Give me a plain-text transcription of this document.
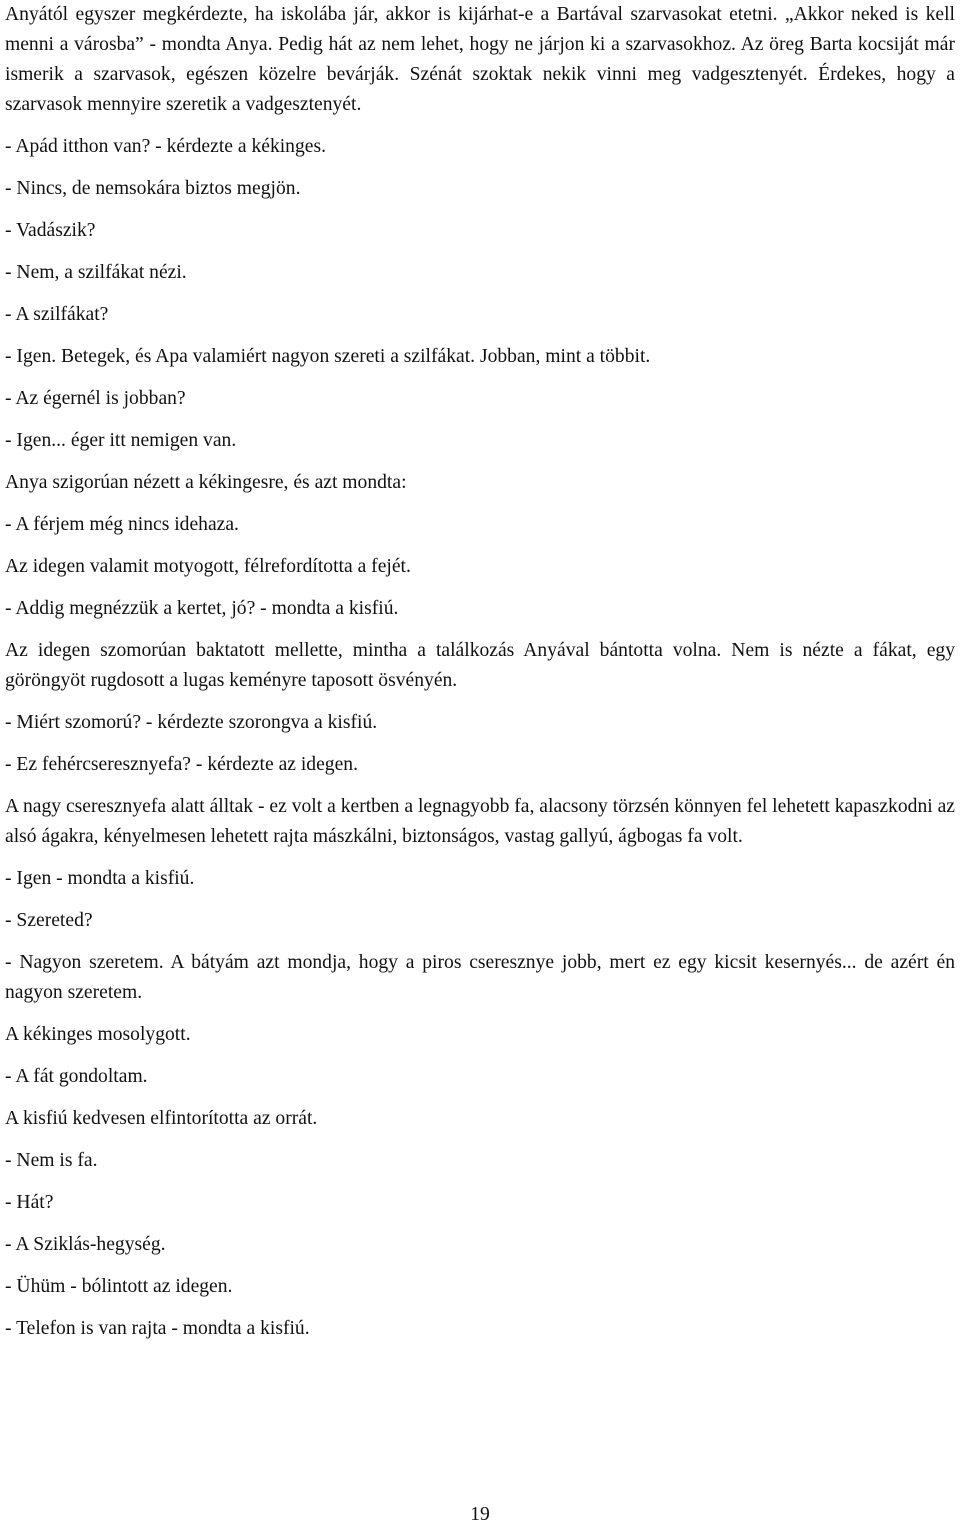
Anyától egyszer megkérdezte, ha iskolába jár, akkor is kijárhat-e a Bartával szarvasokat etetni. „Akkor neked is kell menni a városba” - mondta Anya. Pedig hát az nem lehet, hogy ne járjon ki a szarvasokhoz. Az öreg Barta kocsiját már ismerik a szarvasok, egészen közelre bevárják. Szénát szoktak nekik vinni meg vadgesztenyét. Érdekes, hogy a szarvasok mennyire szeretik a vadgesztenyét.

- Apád itthon van? - kérdezte a kékinges.

- Nincs, de nemsokára biztos megjön.

- Vadászik?

- Nem, a szilfákat nézi.

- A szilfákat?

- Igen. Betegek, és Apa valamiért nagyon szereti a szilfákat. Jobban, mint a többit.

- Az égernél is jobban?

- Igen... éger itt nemigen van.

Anya szigorúan nézett a kékingesre, és azt mondta:

- A férjem még nincs idehaza.

Az idegen valamit motyogott, félrefordította a fejét.

- Addig megnézzük a kertet, jó? - mondta a kisfiú.

Az idegen szomorúan baktatott mellette, mintha a találkozás Anyával bántotta volna. Nem is nézte a fákat, egy göröngyöt rugdosott a lugas keményre taposott ösvényén.

- Miért szomorú? - kérdezte szorongva a kisfiú.

- Ez fehércseresznyefa? - kérdezte az idegen.

A nagy cseresznyefa alatt álltak - ez volt a kertben a legnagyobb fa, alacsony törzsén könnyen fel lehetett kapaszkodni az alsó ágakra, kényelmesen lehetett rajta mászkálni, biztonságos, vastag gallyú, ágbogas fa volt.

- Igen - mondta a kisfiú.

- Szereted?

- Nagyon szeretem. A bátyám azt mondja, hogy a piros cseresznye jobb, mert ez egy kicsit kesernyés... de azért én nagyon szeretem.

A kékinges mosolygott.

- A fát gondoltam.

A kisfiú kedvesen elfintorította az orrát.

- Nem is fa.

- Hát?

- A Sziklás-hegység.

- Ühüm - bólintott az idegen.

- Telefon is van rajta - mondta a kisfiú.

19
